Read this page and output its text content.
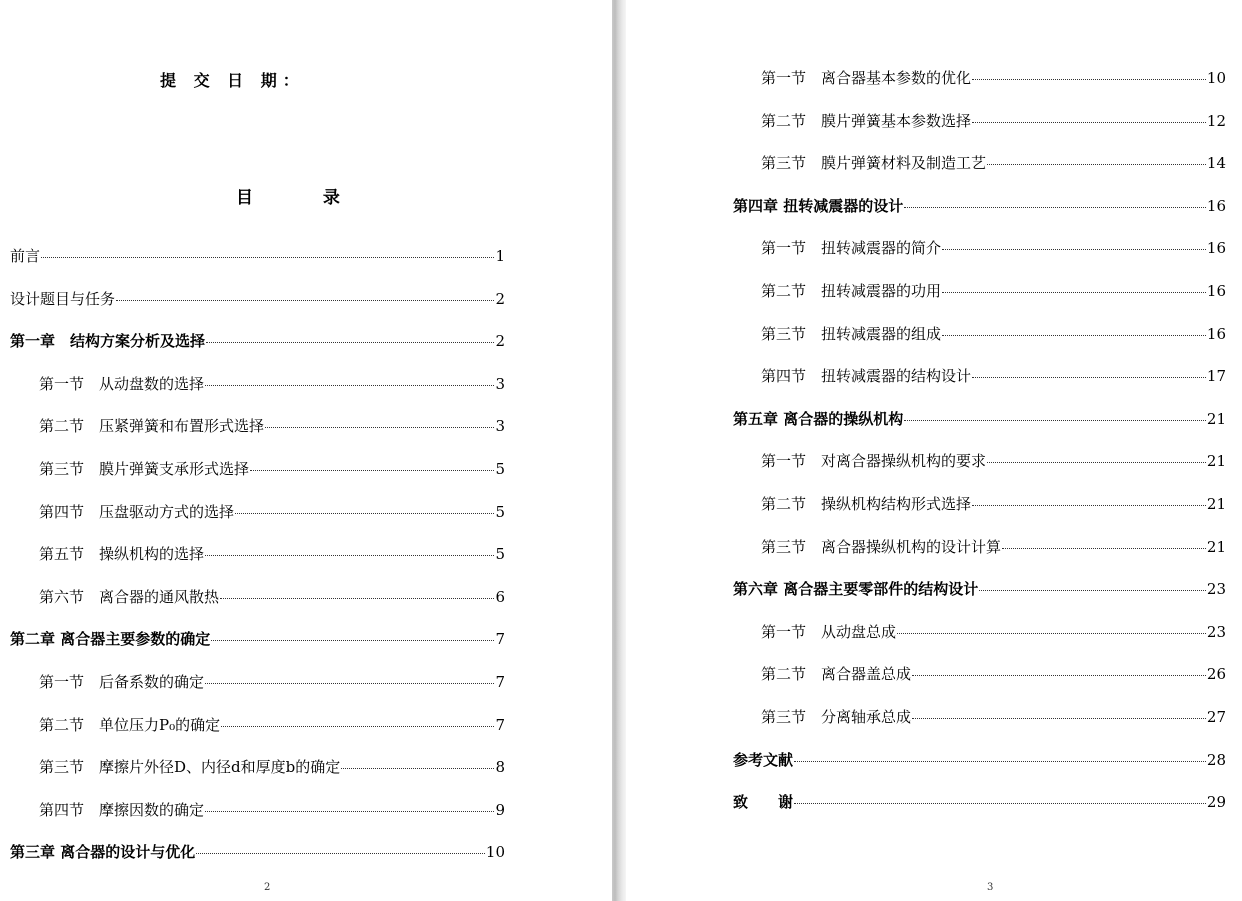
提 交 日 期：
目 录
前言	1
设计题目与任务	2
第一章　结构方案分析及选择	2
第一节　从动盘数的选择	3
第二节　压紧弹簧和布置形式选择	3
第三节　膜片弹簧支承形式选择	5
第四节　压盘驱动方式的选择	5
第五节　操纵机构的选择	5
第六节　离合器的通风散热	6
第二章 离合器主要参数的确定	7
第一节　后备系数的确定	7
第二节　单位压力P₀的确定	7
第三节　摩擦片外径D、内径d和厚度b的确定	8
第四节　摩擦因数的确定	9
第三章 离合器的设计与优化	10
2
第一节　离合器基本参数的优化	10
第二节　膜片弹簧基本参数选择	12
第三节　膜片弹簧材料及制造工艺	14
第四章 扭转减震器的设计	16
第一节　扭转减震器的简介	16
第二节　扭转减震器的功用	16
第三节　扭转减震器的组成	16
第四节　扭转减震器的结构设计	17
第五章 离合器的操纵机构	21
第一节　对离合器操纵机构的要求	21
第二节　操纵机构结构形式选择	21
第三节　离合器操纵机构的设计计算	21
第六章 离合器主要零部件的结构设计	23
第一节　从动盘总成	23
第二节　离合器盖总成	26
第三节　分离轴承总成	27
参考文献	28
致　　谢	29
3
